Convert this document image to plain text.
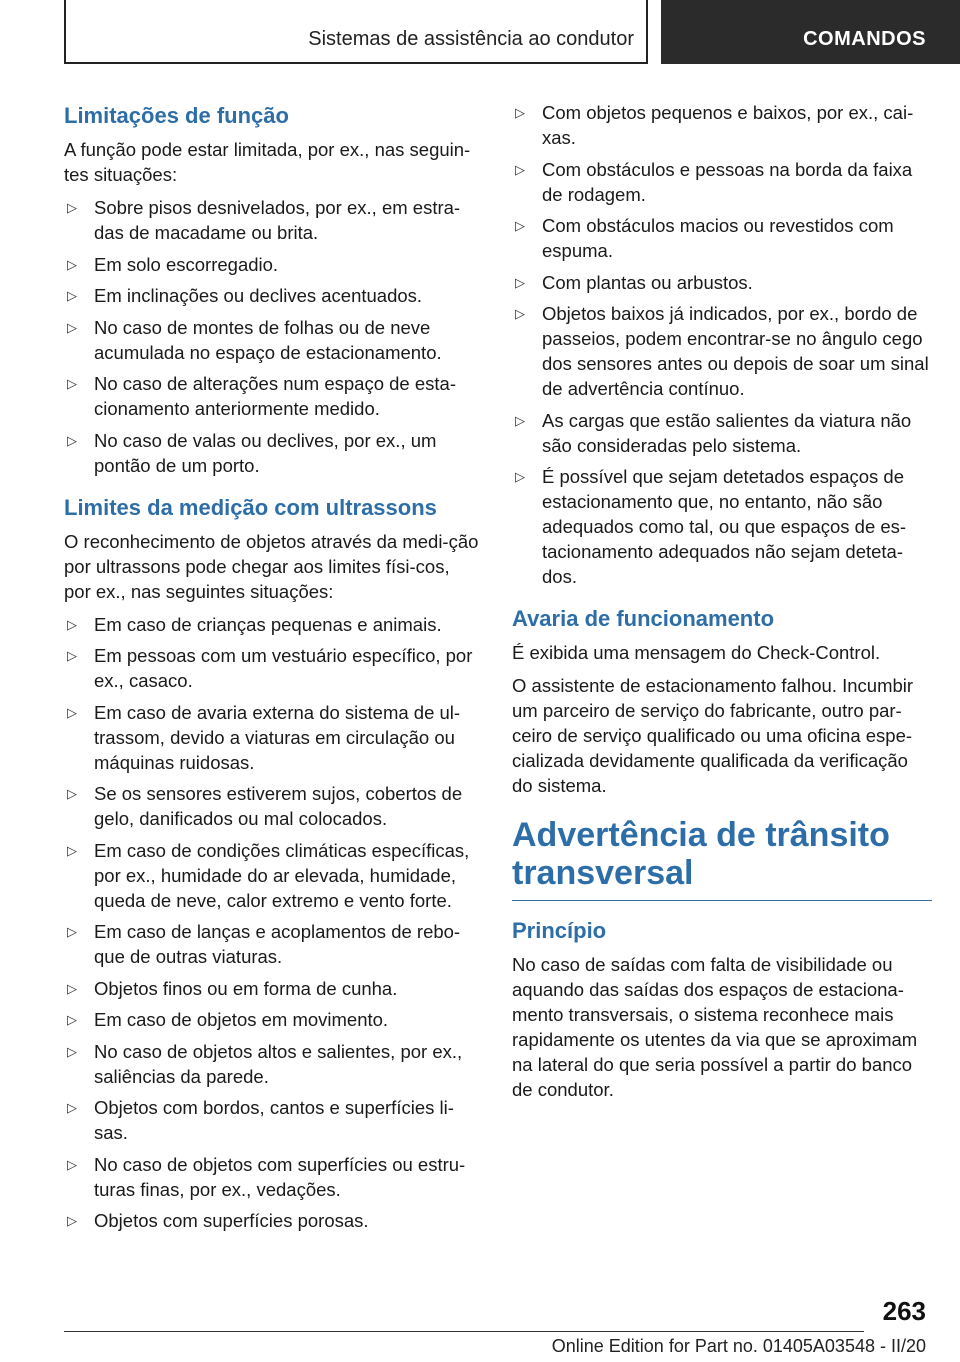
Sistemas de assistência ao condutor	COMANDOS
Limitações de função

A função pode estar limitada, por ex., nas seguin-tes situações:

▷ Sobre pisos desnivelados, por ex., em estra-das de macadame ou brita.
▷ Em solo escorregadio.
▷ Em inclinações ou declives acentuados.
▷ No caso de montes de folhas ou de neve acumulada no espaço de estacionamento.
▷ No caso de alterações num espaço de esta-cionamento anteriormente medido.
▷ No caso de valas ou declives, por ex., um pontão de um porto.
Limites da medição com ultrassons

O reconhecimento de objetos através da medi-ção por ultrassons pode chegar aos limites físi-cos, por ex., nas seguintes situações:

▷ Em caso de crianças pequenas e animais.
▷ Em pessoas com um vestuário específico, por ex., casaco.
▷ Em caso de avaria externa do sistema de ul-trassom, devido a viaturas em circulação ou máquinas ruidosas.
▷ Se os sensores estiverem sujos, cobertos de gelo, danificados ou mal colocados.
▷ Em caso de condições climáticas específicas, por ex., humidade do ar elevada, humidade, queda de neve, calor extremo e vento forte.
▷ Em caso de lanças e acoplamentos de rebo-que de outras viaturas.
▷ Objetos finos ou em forma de cunha.
▷ Em caso de objetos em movimento.
▷ No caso de objetos altos e salientes, por ex., saliências da parede.
▷ Objetos com bordos, cantos e superfícies li-sas.
▷ No caso de objetos com superfícies ou estru-turas finas, por ex., vedações.
▷ Objetos com superfícies porosas.
▷ Com objetos pequenos e baixos, por ex., cai-xas.
▷ Com obstáculos e pessoas na borda da faixa de rodagem.
▷ Com obstáculos macios ou revestidos com espuma.
▷ Com plantas ou arbustos.
▷ Objetos baixos já indicados, por ex., bordo de passeios, podem encontrar-se no ângulo cego dos sensores antes ou depois de soar um sinal de advertência contínuo.
▷ As cargas que estão salientes da viatura não são consideradas pelo sistema.
▷ É possível que sejam detetados espaços de estacionamento que, no entanto, não são adequados como tal, ou que espaços de es-tacionamento adequados não sejam deteta-dos.
Avaria de funcionamento

É exibida uma mensagem do Check-Control.

O assistente de estacionamento falhou. Incumbir um parceiro de serviço do fabricante, outro par-ceiro de serviço qualificado ou uma oficina espe-cializada devidamente qualificada da verificação do sistema.

Advertência de trânsito transversal
Princípio

No caso de saídas com falta de visibilidade ou aquando das saídas dos espaços de estaciona-mento transversais, o sistema reconhece mais rapidamente os utentes da via que se aproximam na lateral do que seria possível a partir do banco de condutor.

263
Online Edition for Part no. 01405A03548 - II/20
